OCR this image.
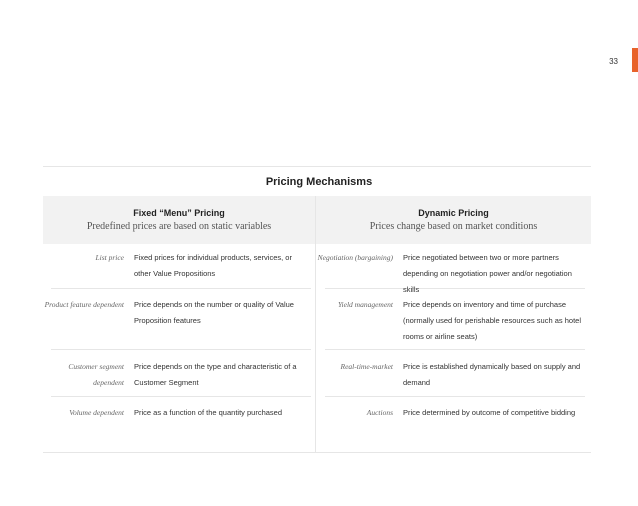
33
Pricing Mechanisms
Fixed “Menu” Pricing
Predefined prices are based on static variables
Dynamic Pricing
Prices change based on market conditions
List price Fixed prices for individual products, services, or other Value Propositions
Product feature dependent Price depends on the number or quality of Value Proposition features
Customer segment dependent
Price depends on the type and characteristic of a Customer Segment
Volume dependent Price as a function of the quantity purchased
Negotiation (bargaining) Price negotiated between two or more partners depending on negotiation power and/or negotiation skills
Yield management Price depends on inventory and time of purchase (normally used for perishable resources such as hotel rooms or airline seats)
Real-time-market Price is established dynamically based on supply and demand
Auctions Price determined by outcome of competitive bidding
